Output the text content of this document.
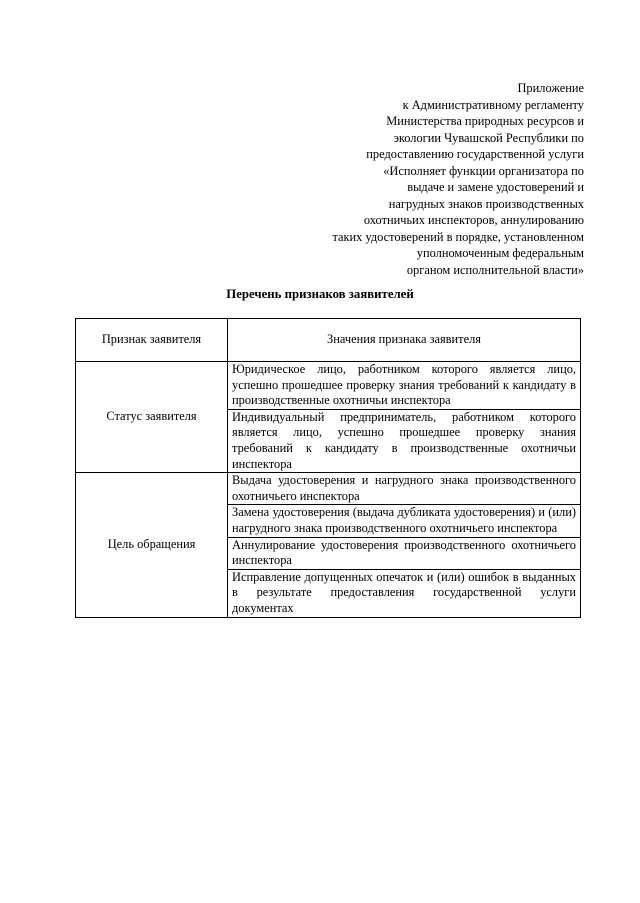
Приложение
к Административному регламенту
Министерства природных ресурсов и
экологии Чувашской Республики по
предоставлению государственной услуги
«Исполняет функции организатора по
выдаче и замене удостоверений и
нагрудных знаков производственных
охотничьих инспекторов, аннулированию
таких удостоверений в порядке, установленном
уполномоченным федеральным
органом исполнительной власти»
Перечень признаков заявителей
Признак заявителя	Значения признака заявителя
Статус заявителя	Юридическое лицо, работником которого является лицо, успешно прошедшее проверку знания требований к кандидату в производственные охотничьи инспектора
	Индивидуальный предприниматель, работником которого является лицо, успешно прошедшее проверку знания требований к кандидату в производственные охотничьи инспектора
Цель обращения	Выдача удостоверения и нагрудного знака производственного охотничьего инспектора
	Замена удостоверения (выдача дубликата удостоверения) и (или) нагрудного знака производственного охотничьего инспектора
	Аннулирование удостоверения производственного охотничьего инспектора
	Исправление допущенных опечаток и (или) ошибок в выданных в результате предоставления государственной услуги документах
